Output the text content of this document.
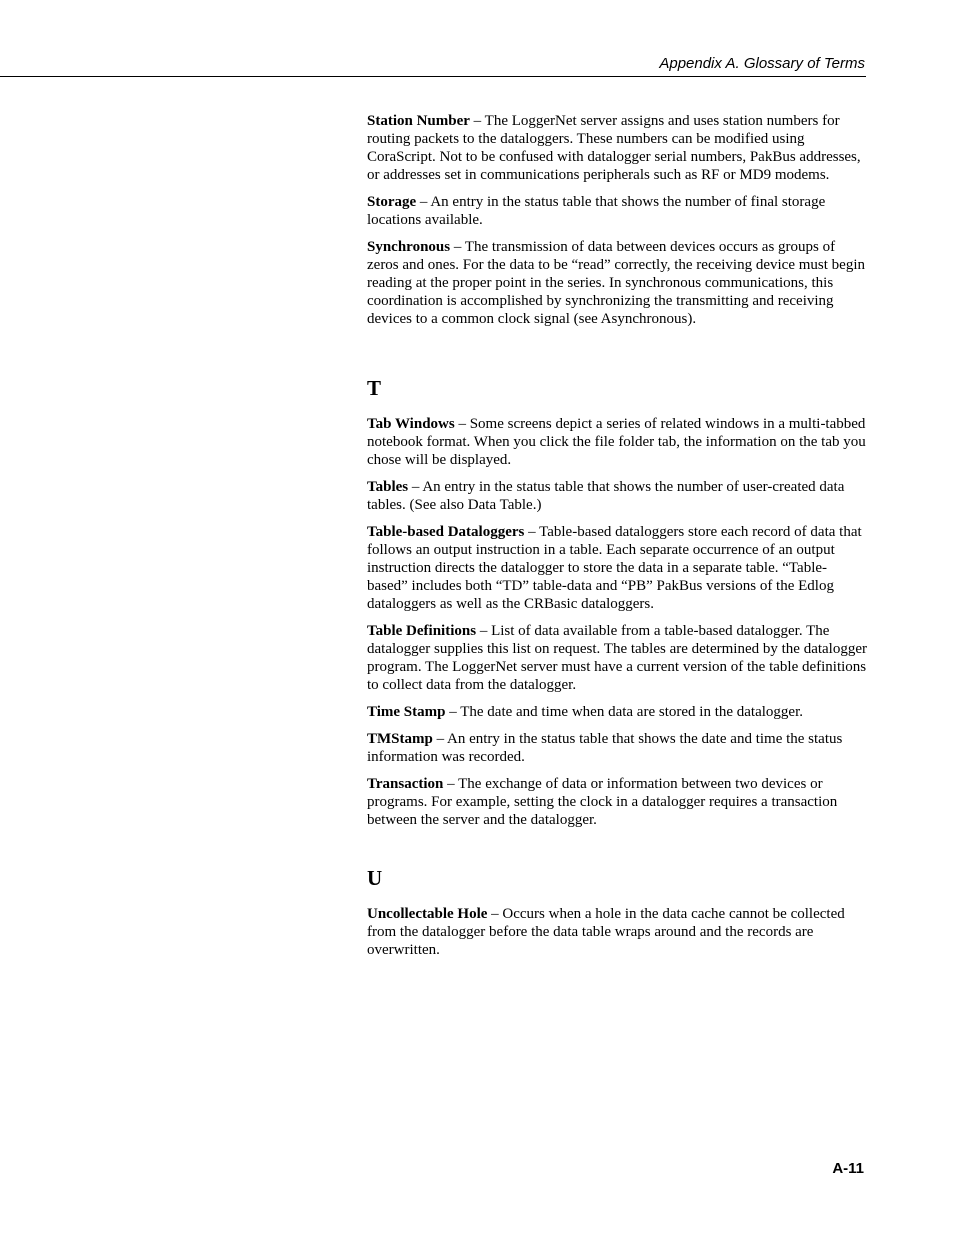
Appendix A. Glossary of Terms

Station Number – The LoggerNet server assigns and uses station numbers for routing packets to the dataloggers. These numbers can be modified using CoraScript. Not to be confused with datalogger serial numbers, PakBus addresses, or addresses set in communications peripherals such as RF or MD9 modems.

Storage – An entry in the status table that shows the number of final storage locations available.

Synchronous – The transmission of data between devices occurs as groups of zeros and ones. For the data to be “read” correctly, the receiving device must begin reading at the proper point in the series. In synchronous communications, this coordination is accomplished by synchronizing the transmitting and receiving devices to a common clock signal (see Asynchronous).

T

Tab Windows – Some screens depict a series of related windows in a multi-tabbed notebook format. When you click the file folder tab, the information on the tab you chose will be displayed.

Tables – An entry in the status table that shows the number of user-created data tables. (See also Data Table.)

Table-based Dataloggers – Table-based dataloggers store each record of data that follows an output instruction in a table. Each separate occurrence of an output instruction directs the datalogger to store the data in a separate table. “Table-based” includes both “TD” table-data and “PB” PakBus versions of the Edlog dataloggers as well as the CRBasic dataloggers.

Table Definitions – List of data available from a table-based datalogger. The datalogger supplies this list on request. The tables are determined by the datalogger program. The LoggerNet server must have a current version of the table definitions to collect data from the datalogger.

Time Stamp – The date and time when data are stored in the datalogger.

TMStamp – An entry in the status table that shows the date and time the status information was recorded.

Transaction – The exchange of data or information between two devices or programs. For example, setting the clock in a datalogger requires a transaction between the server and the datalogger.

U

Uncollectable Hole – Occurs when a hole in the data cache cannot be collected from the datalogger before the data table wraps around and the records are overwritten.

A-11
